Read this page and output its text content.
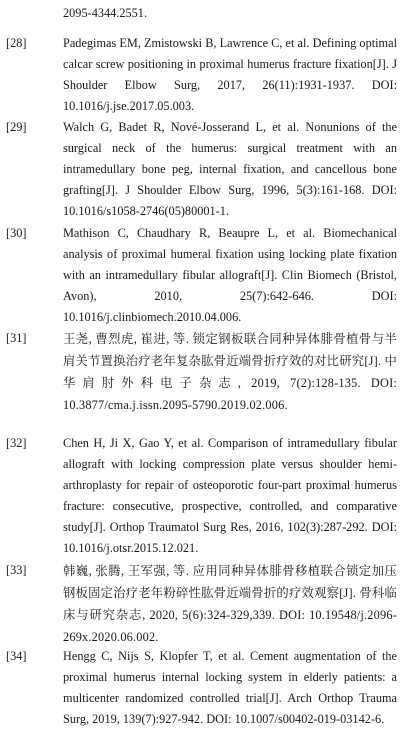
2095-4344.2551.

[28]	Padegimas EM, Zmistowski B, Lawrence C, et al. Defining optimal calcar screw positioning in proximal humerus fracture fixation[J]. J Shoulder Elbow Surg, 2017, 26(11):1931-1937. DOI: 10.1016/j.jse.2017.05.003.

[29]	Walch G, Badet R, Nové-Josserand L, et al. Nonunions of the surgical neck of the humerus: surgical treatment with an intramedullary bone peg, internal fixation, and cancellous bone grafting[J]. J Shoulder Elbow Surg, 1996, 5(3):161-168. DOI: 10.1016/s1058-2746(05)80001-1.

[30]	Mathison C, Chaudhary R, Beaupre L, et al. Biomechanical analysis of proximal humeral fixation using locking plate fixation with an intramedullary fibular allograft[J]. Clin Biomech (Bristol, Avon), 2010, 25(7):642-646. DOI: 10.1016/j.clinbiomech.2010.04.006.

[31]	王尧, 曹烈虎, 崔进, 等. 锁定钢板联合同种异体腓骨植骨与半肩关节置换治疗老年复杂肱骨近端骨折疗效的对比研究[J]. 中华肩肘外科电子杂志, 2019, 7(2):128-135. DOI: 10.3877/cma.j.issn.2095-5790.2019.02.006.

[32]	Chen H, Ji X, Gao Y, et al. Comparison of intramedullary fibular allograft with locking compression plate versus shoulder hemi-arthroplasty for repair of osteoporotic four-part proximal humerus fracture: consecutive, prospective, controlled, and comparative study[J]. Orthop Traumatol Surg Res, 2016, 102(3):287-292. DOI: 10.1016/j.otsr.2015.12.021.

[33]	韩巍, 张腾, 王军强, 等. 应用同种异体腓骨移植联合锁定加压钢板固定治疗老年粉碎性肱骨近端骨折的疗效观察[J]. 骨科临床与研究杂志, 2020, 5(6):324-329,339. DOI: 10.19548/j.2096-269x.2020.06.002.

[34]	Hengg C, Nijs S, Klopfer T, et al. Cement augmentation of the proximal humerus internal locking system in elderly patients: a multicenter randomized controlled trial[J]. Arch Orthop Trauma Surg, 2019, 139(7):927-942. DOI: 10.1007/s00402-019-03142-6.
